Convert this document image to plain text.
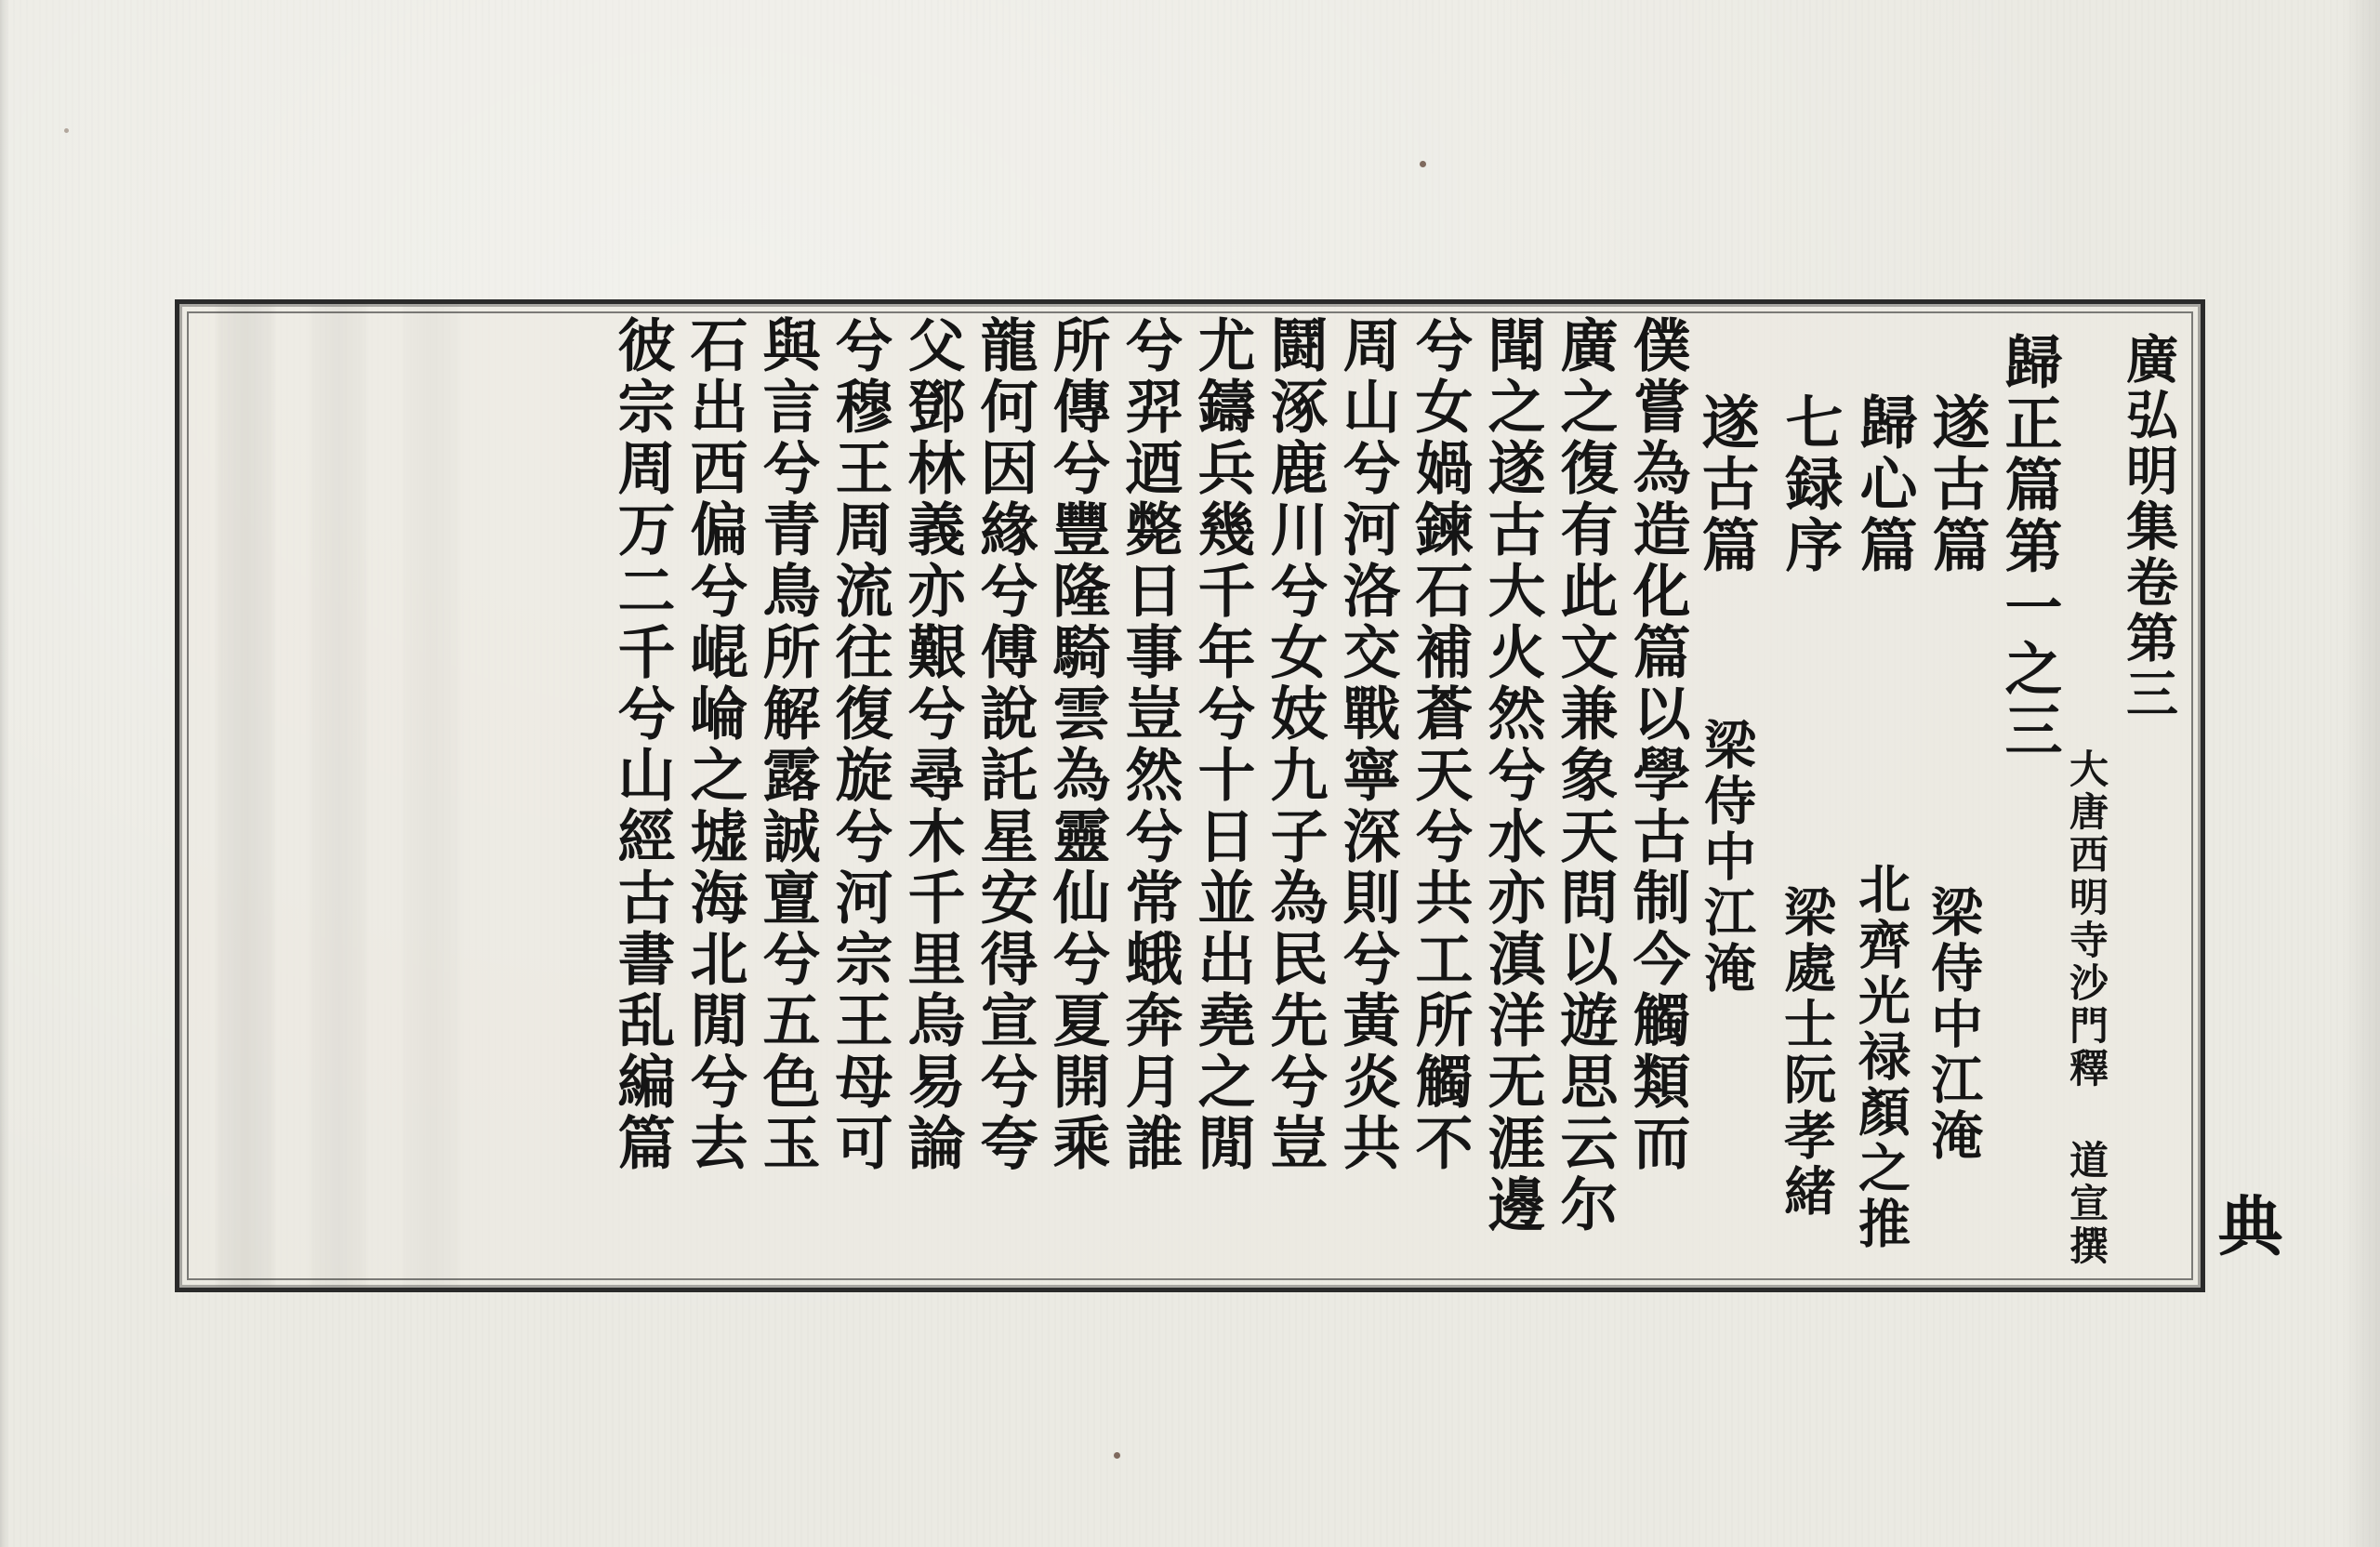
典
廣弘明集卷第三
大唐西明寺沙門釋 道宣撰
歸正篇第一之三
遂古篇
歸心篇
七録序
梁侍中江淹
北齊光禄顏之推
梁處士阮孝緒
遂古篇
梁侍中江淹
僕嘗為造化篇以學古制今觸類而
廣之復有此文兼象天問以遊思云尔
聞之遂古大火然兮水亦滇洋无涯邊
兮女媧鍊石補蒼天兮共工所觸不
周山兮河洛交戰寧深則兮黃炎共
鬪涿鹿川兮女妓九子為民先兮豈
尤鑄兵幾千年兮十日並出堯之閒
兮羿迺斃日事豈然兮常蛾奔月誰
所傳兮豐隆騎雲為靈仙兮夏開乘
龍何因緣兮傅說託星安得宣兮夸
父鄧林義亦艱兮尋木千里烏易論
兮穆王周流往復旋兮河宗王母可
與言兮青鳥所解露誠亶兮五色玉
石出西偏兮崐崘之墟海北閒兮去
彼宗周万二千兮山經古書乱編篇
